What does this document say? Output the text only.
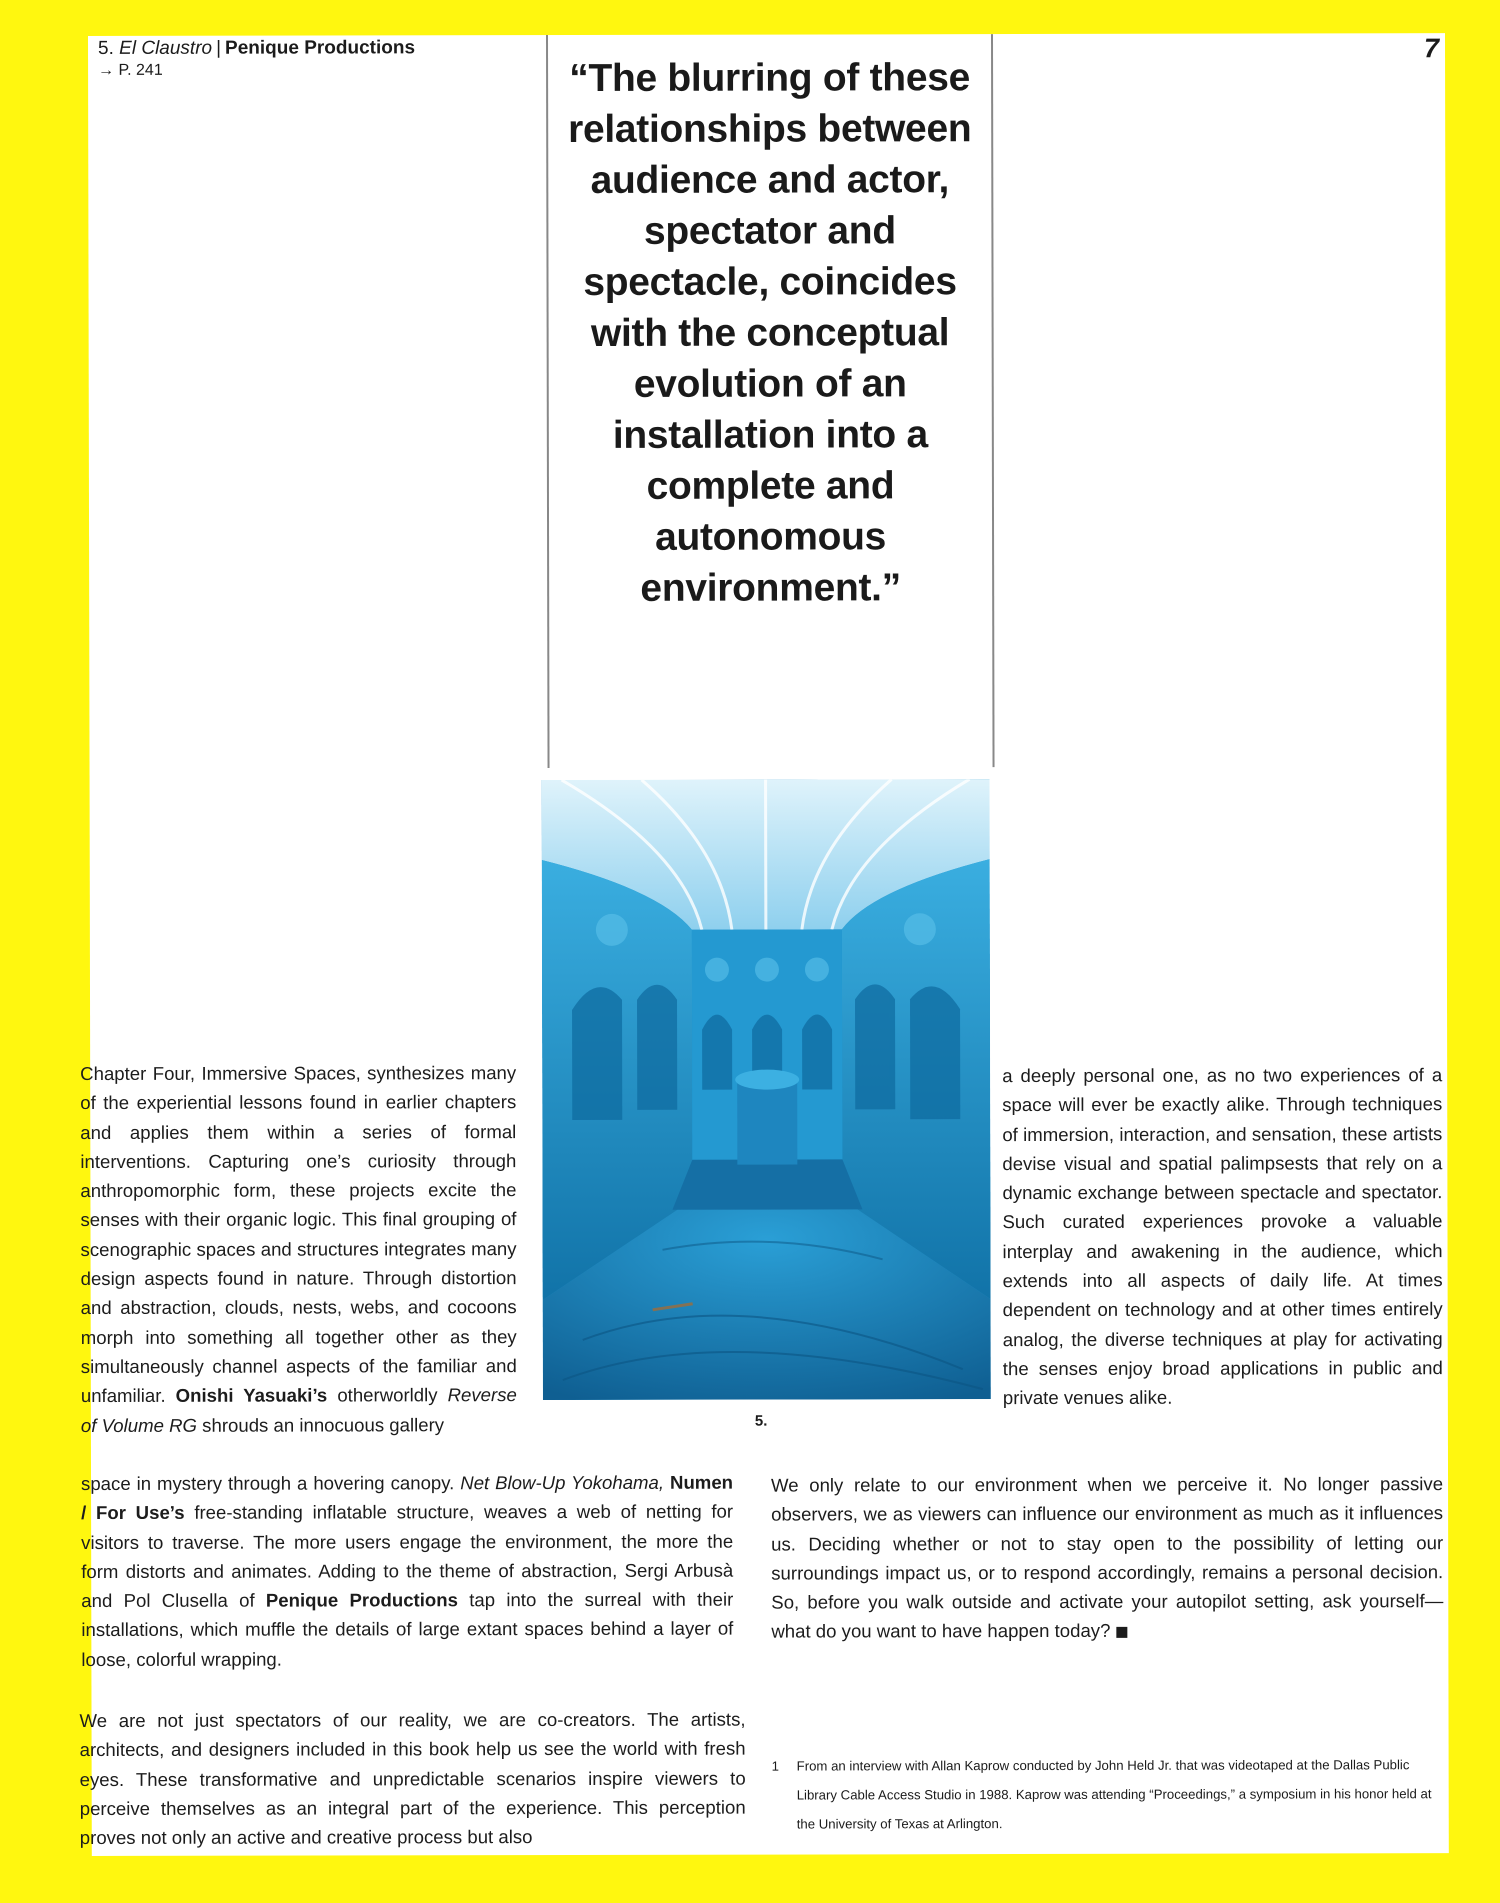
5. El Claustro | Penique Productions
→ P. 241
7
“The blurring of these relationships between audience and actor, spectator and spectacle, coincides with the conceptual evolution of an installation into a complete and autonomous environment.”
5.

Chapter Four, Immersive Spaces, synthesizes many of the experiential lessons found in earlier chapters and applies them within a series of formal interventions. Capturing one’s curiosity through anthropomorphic form, these projects excite the senses with their organic logic. This final grouping of scenographic spaces and structures integrates many design aspects found in nature. Through distortion and abstraction, clouds, nests, webs, and cocoons morph into something all together other as they simultaneously channel aspects of the familiar and unfamiliar. Onishi Yasuaki’s otherworldly Reverse of Volume RG shrouds an innocuous gallery

space in mystery through a hovering canopy. Net Blow-Up Yokohama, Numen / For Use’s free-standing inflatable structure, weaves a web of netting for visitors to traverse. The more users engage the environment, the more the form distorts and animates. Adding to the theme of abstraction, Sergi Arbusà and Pol Clusella of Penique Productions tap into the surreal with their installations, which muffle the details of large extant spaces behind a layer of loose, colorful wrapping.

We are not just spectators of our reality, we are co-creators. The artists, architects, and designers included in this book help us see the world with fresh eyes. These transformative and unpredictable scenarios inspire viewers to perceive themselves as an integral part of the experience. This perception proves not only an active and creative process but also

a deeply personal one, as no two experiences of a space will ever be exactly alike. Through techniques of immersion, interaction, and sensation, these artists devise visual and spatial palimpsests that rely on a dynamic exchange between spectacle and spectator. Such curated experiences provoke a valuable interplay and awakening in the audience, which extends into all aspects of daily life. At times dependent on technology and at other times entirely analog, the diverse techniques at play for activating the senses enjoy broad applications in public and private venues alike.

We only relate to our environment when we perceive it. No longer passive observers, we as viewers can influence our environment as much as it influences us. Deciding whether or not to stay open to the possibility of letting our surroundings impact us, or to respond accordingly, remains a personal decision. So, before you walk outside and activate your autopilot setting, ask yourself—what do you want to have happen today?

1 From an interview with Allan Kaprow conducted by John Held Jr. that was videotaped at the Dallas Public Library Cable Access Studio in 1988. Kaprow was attending “Proceedings,” a symposium in his honor held at the University of Texas at Arlington.
